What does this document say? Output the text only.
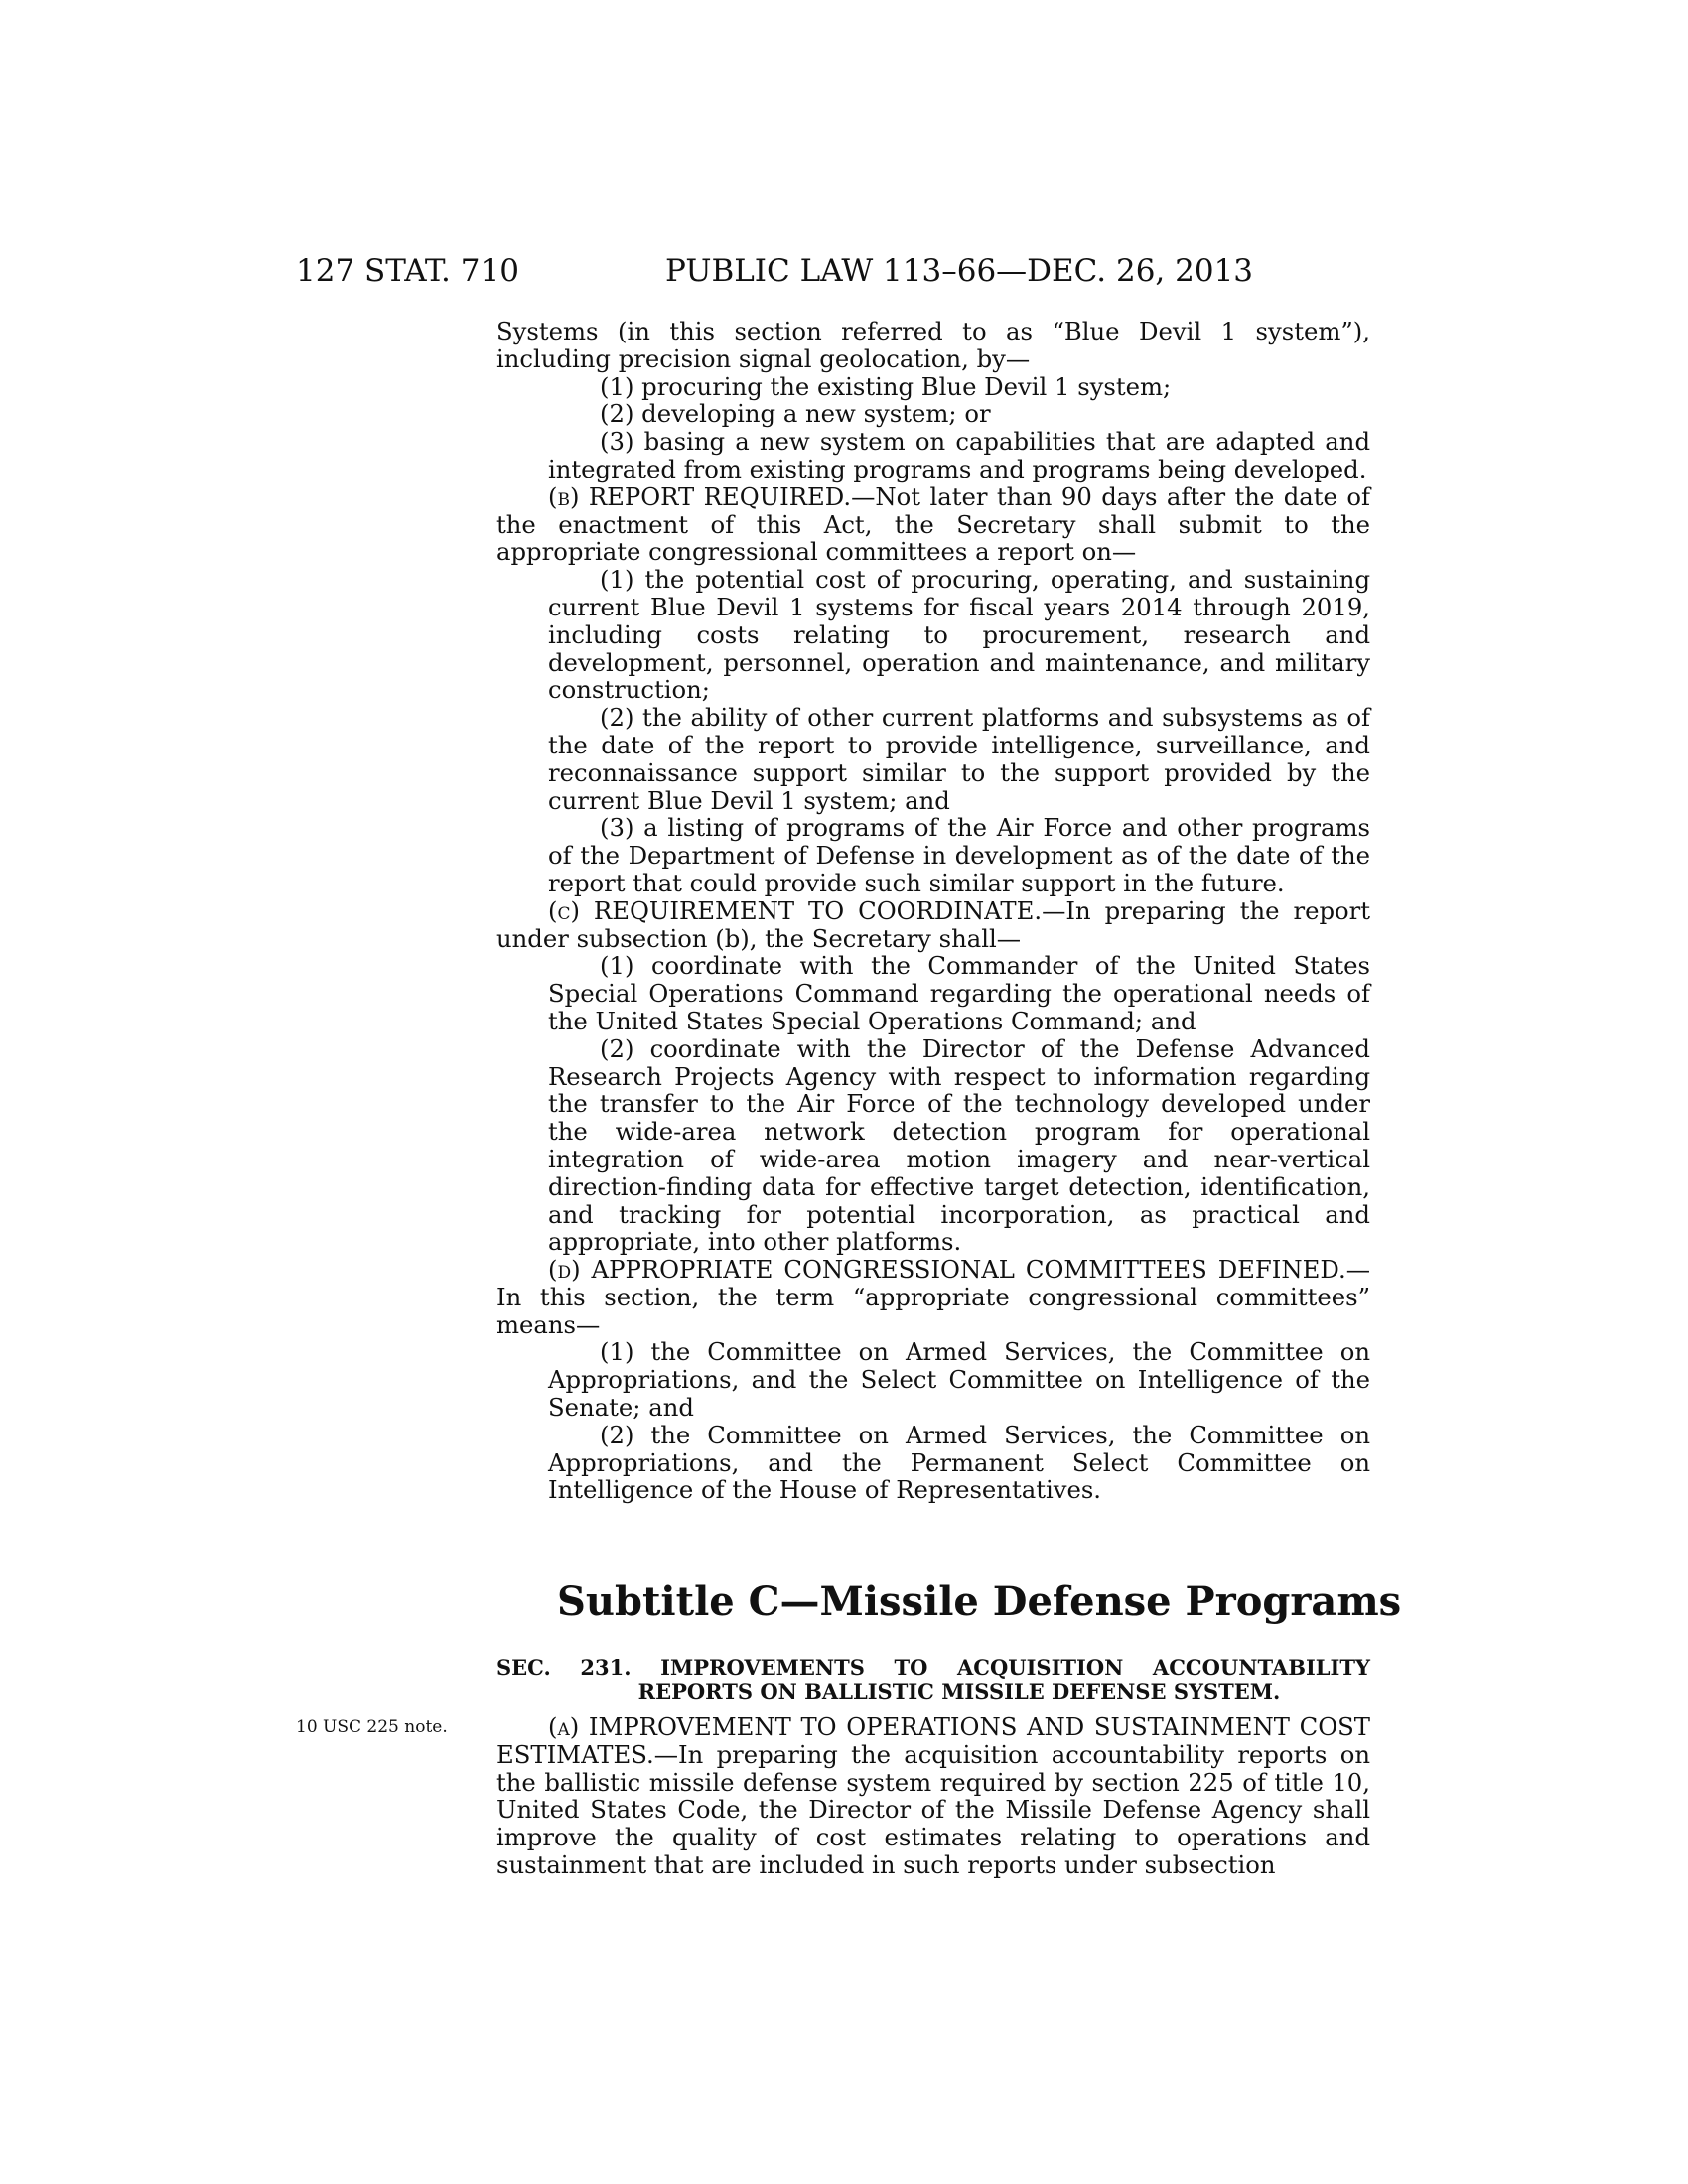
127 STAT. 710	PUBLIC LAW 113–66—DEC. 26, 2013

Systems (in this section referred to as “Blue Devil 1 system”), including precision signal geolocation, by—

(1) procuring the existing Blue Devil 1 system;

(2) developing a new system; or

(3) basing a new system on capabilities that are adapted and integrated from existing programs and programs being developed.

(b) REPORT REQUIRED.—Not later than 90 days after the date of the enactment of this Act, the Secretary shall submit to the appropriate congressional committees a report on—

(1) the potential cost of procuring, operating, and sustaining current Blue Devil 1 systems for fiscal years 2014 through 2019, including costs relating to procurement, research and development, personnel, operation and maintenance, and military construction;

(2) the ability of other current platforms and subsystems as of the date of the report to provide intelligence, surveillance, and reconnaissance support similar to the support provided by the current Blue Devil 1 system; and

(3) a listing of programs of the Air Force and other programs of the Department of Defense in development as of the date of the report that could provide such similar support in the future.

(c) REQUIREMENT TO COORDINATE.—In preparing the report under subsection (b), the Secretary shall—

(1) coordinate with the Commander of the United States Special Operations Command regarding the operational needs of the United States Special Operations Command; and

(2) coordinate with the Director of the Defense Advanced Research Projects Agency with respect to information regarding the transfer to the Air Force of the technology developed under the wide-area network detection program for operational integration of wide-area motion imagery and near-vertical direction-finding data for effective target detection, identification, and tracking for potential incorporation, as practical and appropriate, into other platforms.

(d) APPROPRIATE CONGRESSIONAL COMMITTEES DEFINED.—In this section, the term “appropriate congressional committees” means—

(1) the Committee on Armed Services, the Committee on Appropriations, and the Select Committee on Intelligence of the Senate; and

(2) the Committee on Armed Services, the Committee on Appropriations, and the Permanent Select Committee on Intelligence of the House of Representatives.

Subtitle C—Missile Defense Programs
SEC. 231. IMPROVEMENTS TO ACQUISITION ACCOUNTABILITY
REPORTS ON BALLISTIC MISSILE DEFENSE SYSTEM.
10 USC 225 note.	(a) IMPROVEMENT TO OPERATIONS AND SUSTAINMENT COST ESTIMATES.—In preparing the acquisition accountability reports on the ballistic missile defense system required by section 225 of title 10, United States Code, the Director of the Missile Defense Agency shall improve the quality of cost estimates relating to operations and sustainment that are included in such reports under subsection
